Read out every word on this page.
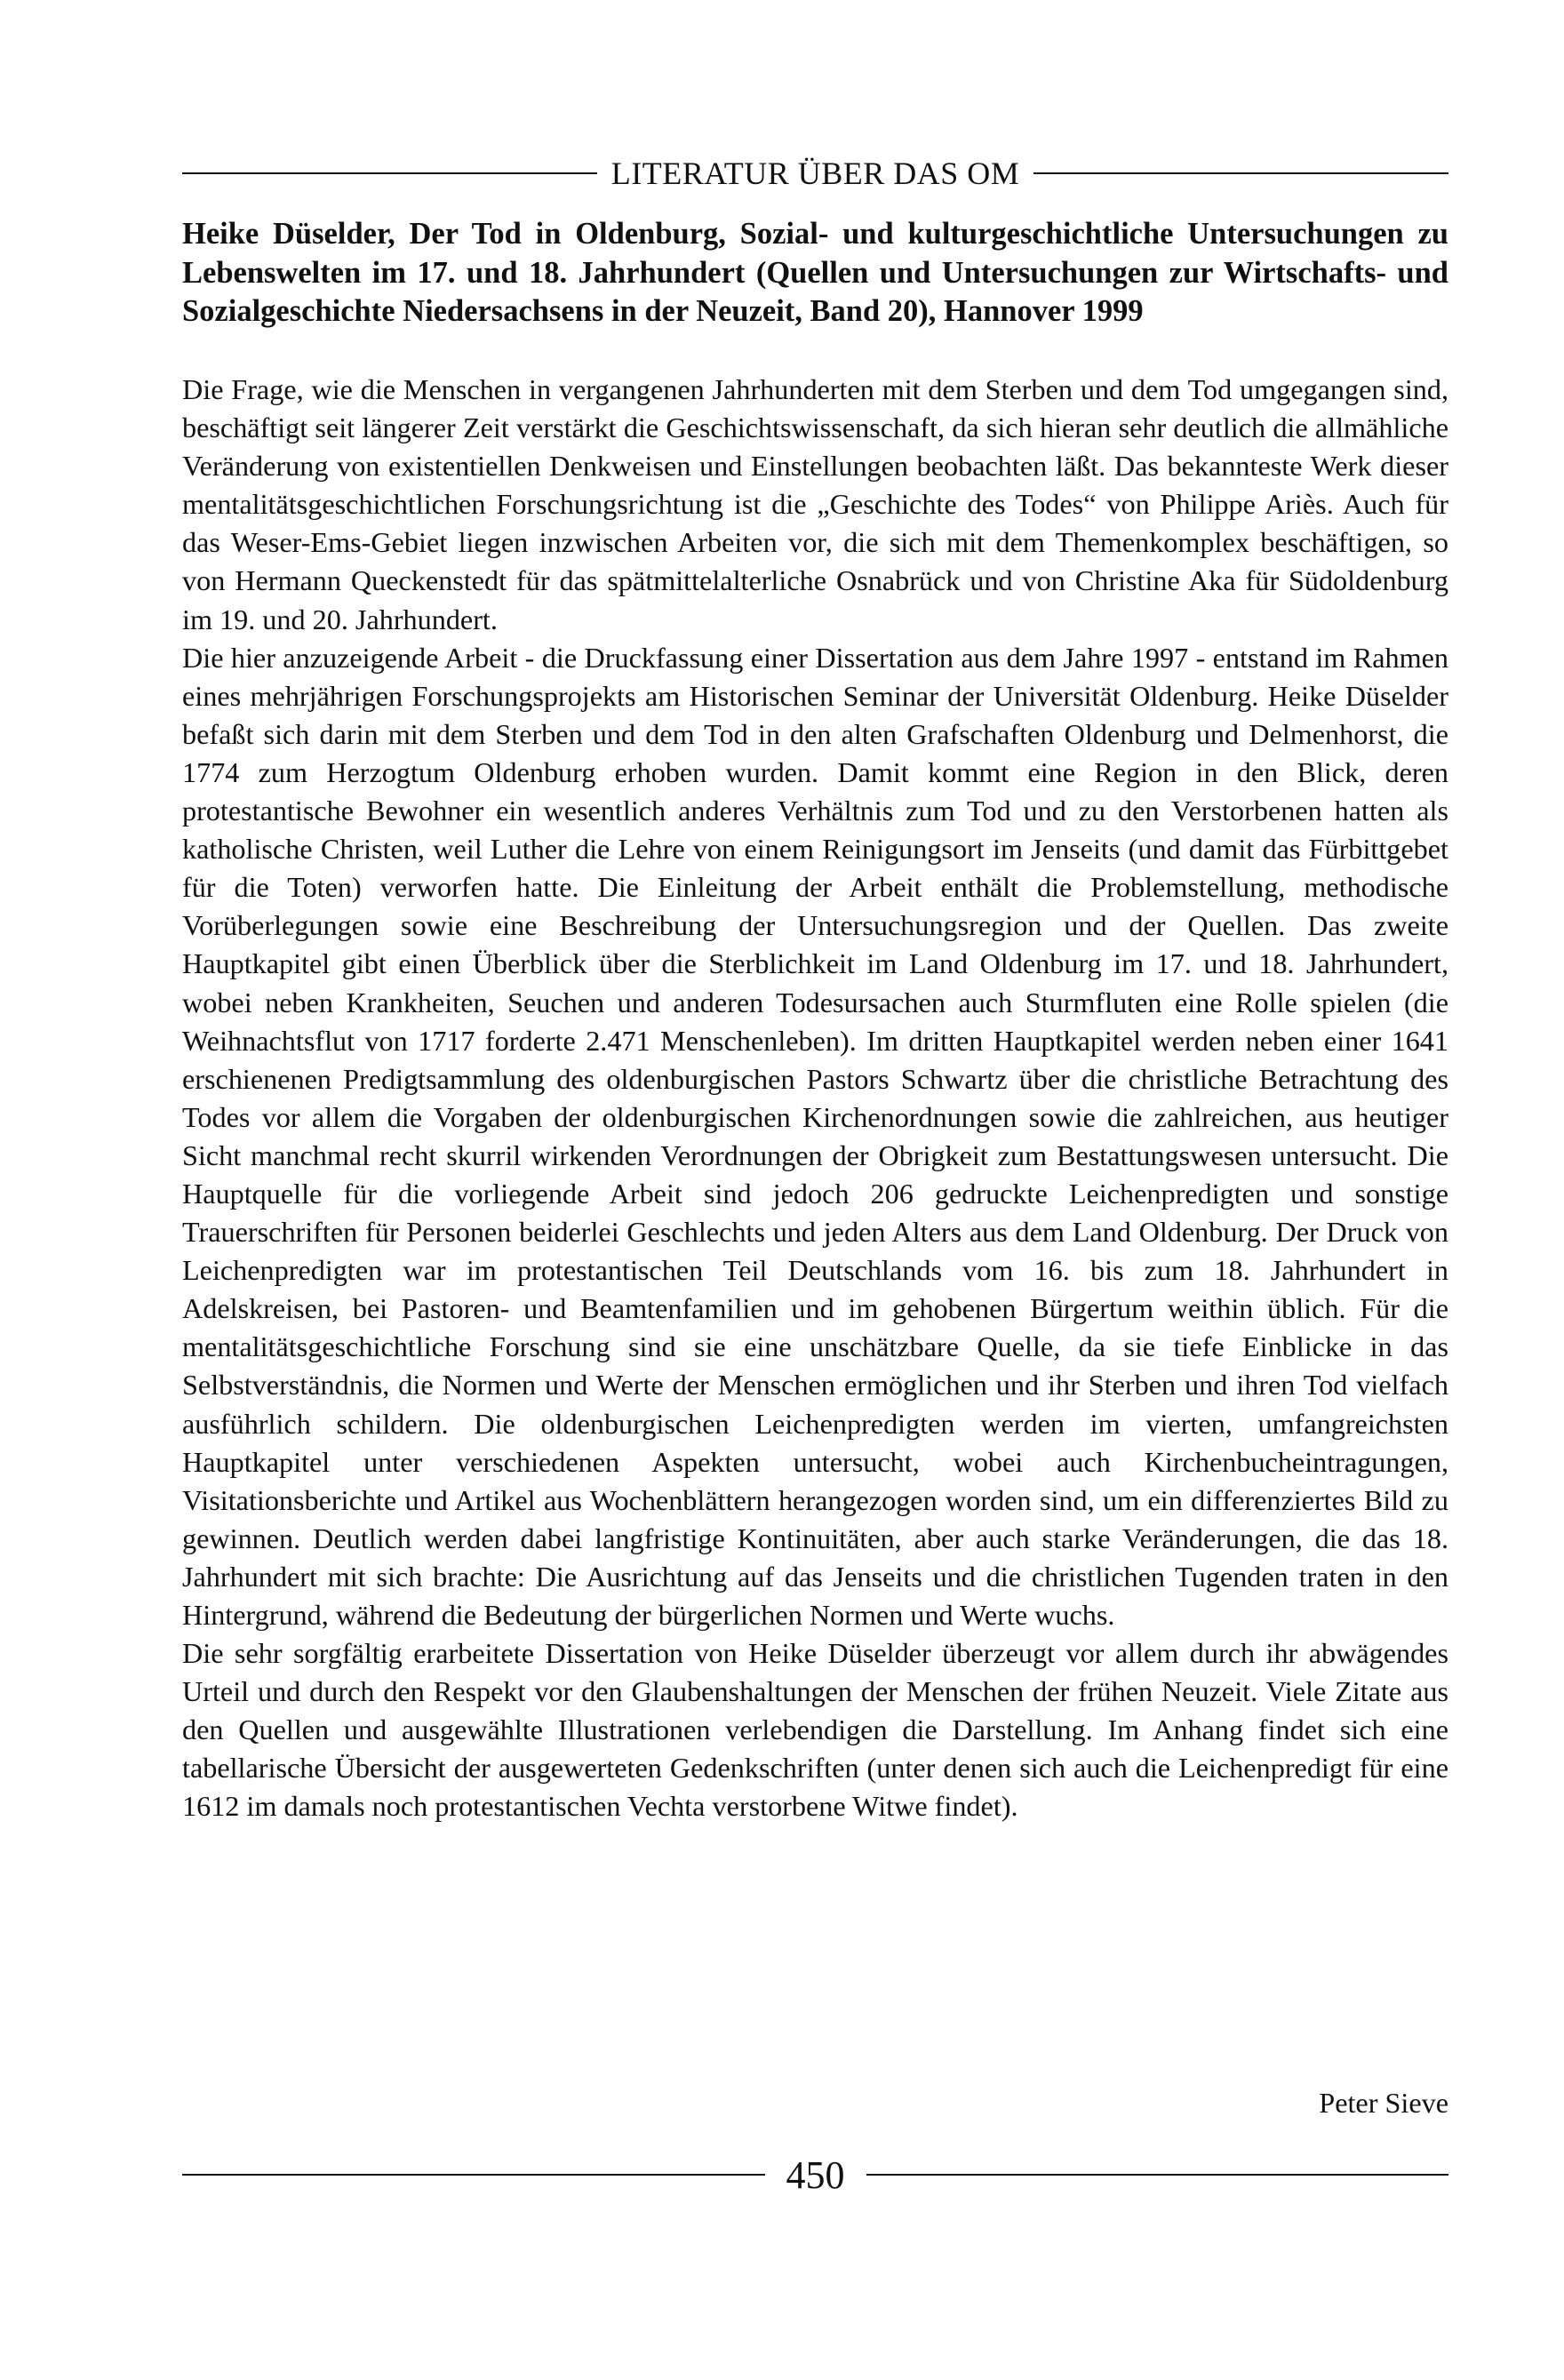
LITERATUR ÜBER DAS OM
Heike Düselder, Der Tod in Oldenburg, Sozial- und kulturgeschichtliche Untersuchungen zu Lebenswelten im 17. und 18. Jahrhundert (Quellen und Untersuchungen zur Wirtschafts- und Sozialgeschichte Niedersachsens in der Neuzeit, Band 20), Hannover 1999

Die Frage, wie die Menschen in vergangenen Jahrhunderten mit dem Sterben und dem Tod umgegangen sind, beschäftigt seit längerer Zeit verstärkt die Geschichtswissenschaft, da sich hieran sehr deutlich die allmähliche Veränderung von existentiellen Denkweisen und Einstellungen beobachten läßt. Das bekannteste Werk dieser mentalitätsgeschichtlichen Forschungsrichtung ist die „Geschichte des Todes“ von Philippe Ariès. Auch für das Weser-Ems-Gebiet liegen inzwischen Arbeiten vor, die sich mit dem Themenkomplex beschäftigen, so von Hermann Queckenstedt für das spätmittelalterliche Osnabrück und von Christine Aka für Südoldenburg im 19. und 20. Jahrhundert.

Die hier anzuzeigende Arbeit - die Druckfassung einer Dissertation aus dem Jahre 1997 - entstand im Rahmen eines mehrjährigen Forschungsprojekts am Historischen Seminar der Universität Oldenburg. Heike Düselder befaßt sich darin mit dem Sterben und dem Tod in den alten Grafschaften Oldenburg und Delmenhorst, die 1774 zum Herzogtum Oldenburg erhoben wurden. Damit kommt eine Region in den Blick, deren protestantische Bewohner ein wesentlich anderes Verhältnis zum Tod und zu den Verstorbenen hatten als katholische Christen, weil Luther die Lehre von einem Reinigungsort im Jenseits (und damit das Fürbittgebet für die Toten) verworfen hatte. Die Einleitung der Arbeit enthält die Problemstellung, methodische Vorüberlegungen sowie eine Beschreibung der Untersuchungsregion und der Quellen. Das zweite Hauptkapitel gibt einen Überblick über die Sterblichkeit im Land Oldenburg im 17. und 18. Jahrhundert, wobei neben Krankheiten, Seuchen und anderen Todesursachen auch Sturmfluten eine Rolle spielen (die Weihnachtsflut von 1717 forderte 2.471 Menschenleben). Im dritten Hauptkapitel werden neben einer 1641 erschienenen Predigtsammlung des oldenburgischen Pastors Schwartz über die christliche Betrachtung des Todes vor allem die Vorgaben der oldenburgischen Kirchenordnungen sowie die zahlreichen, aus heutiger Sicht manchmal recht skurril wirkenden Verordnungen der Obrigkeit zum Bestattungswesen untersucht. Die Hauptquelle für die vorliegende Arbeit sind jedoch 206 gedruckte Leichenpredigten und sonstige Trauerschriften für Personen beiderlei Geschlechts und jeden Alters aus dem Land Oldenburg. Der Druck von Leichenpredigten war im protestantischen Teil Deutschlands vom 16. bis zum 18. Jahrhundert in Adelskreisen, bei Pastoren- und Beamtenfamilien und im gehobenen Bürgertum weithin üblich. Für die mentalitätsgeschichtliche Forschung sind sie eine unschätzbare Quelle, da sie tiefe Einblicke in das Selbstverständnis, die Normen und Werte der Menschen ermöglichen und ihr Sterben und ihren Tod vielfach ausführlich schildern. Die oldenburgischen Leichenpredigten werden im vierten, umfangreichsten Hauptkapitel unter verschiedenen Aspekten untersucht, wobei auch Kirchenbucheintragungen, Visitationsberichte und Artikel aus Wochenblättern herangezogen worden sind, um ein differenziertes Bild zu gewinnen. Deutlich werden dabei langfristige Kontinuitäten, aber auch starke Veränderungen, die das 18. Jahrhundert mit sich brachte: Die Ausrichtung auf das Jenseits und die christlichen Tugenden traten in den Hintergrund, während die Bedeutung der bürgerlichen Normen und Werte wuchs.

Die sehr sorgfältig erarbeitete Dissertation von Heike Düselder überzeugt vor allem durch ihr abwägendes Urteil und durch den Respekt vor den Glaubenshaltungen der Menschen der frühen Neuzeit. Viele Zitate aus den Quellen und ausgewählte Illustrationen verlebendigen die Darstellung. Im Anhang findet sich eine tabellarische Übersicht der ausgewerteten Gedenkschriften (unter denen sich auch die Leichenpredigt für eine 1612 im damals noch protestantischen Vechta verstorbene Witwe findet).

Peter Sieve
450
